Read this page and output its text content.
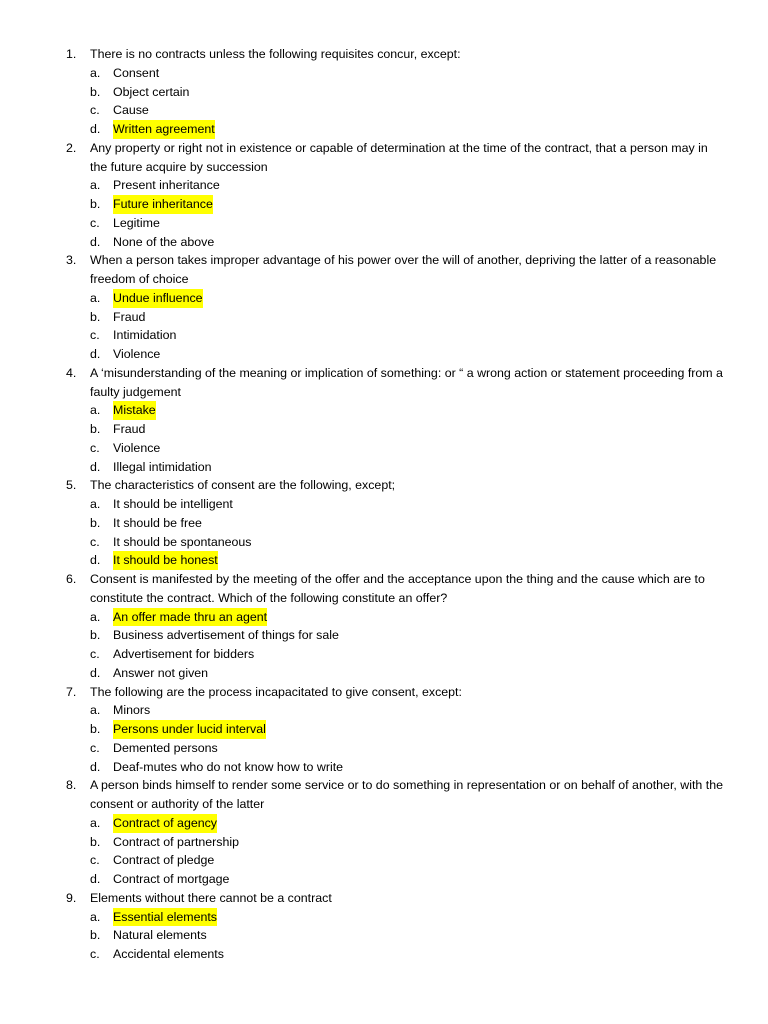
1.	There is no contracts unless the following requisites concur, except:
a.	Consent
b.	Object certain
c.	Cause
d.	Written agreement
2.	Any property or right not in existence or capable of determination at the time of the contract, that a person may in the future acquire by succession
a.	Present inheritance
b.	Future inheritance
c.	Legitime
d.	None of the above
3.	When a person takes improper advantage of his power over the will of another, depriving the latter of a reasonable freedom of choice
a.	Undue influence
b.	Fraud
c.	Intimidation
d.	Violence
4.	A ‘misunderstanding of the meaning or implication of something: or “ a wrong action or statement proceeding from a faulty judgement
a.	Mistake
b.	Fraud
c.	Violence
d.	Illegal intimidation
5.	The characteristics of consent are the following, except;
a.	It should be intelligent
b.	It should be free
c.	It should be spontaneous
d.	It should be honest
6.	Consent is manifested by the meeting of the offer and the acceptance upon the thing and the cause which are to constitute the contract. Which of the following constitute an offer?
a.	An offer made thru an agent
b.	Business advertisement of things for sale
c.	Advertisement for bidders
d.	Answer not given
7.	The following are the process incapacitated to give consent, except:
a.	Minors
b.	Persons under lucid interval
c.	Demented persons
d.	Deaf-mutes who do not know how to write
8.	A person binds himself to render some service or to do something in representation or on behalf of another, with the consent or authority of the latter
a.	Contract of agency
b.	Contract of partnership
c.	Contract of pledge
d.	Contract of mortgage
9.	Elements without there cannot be a contract
a.	Essential elements
b.	Natural elements
c.	Accidental elements
